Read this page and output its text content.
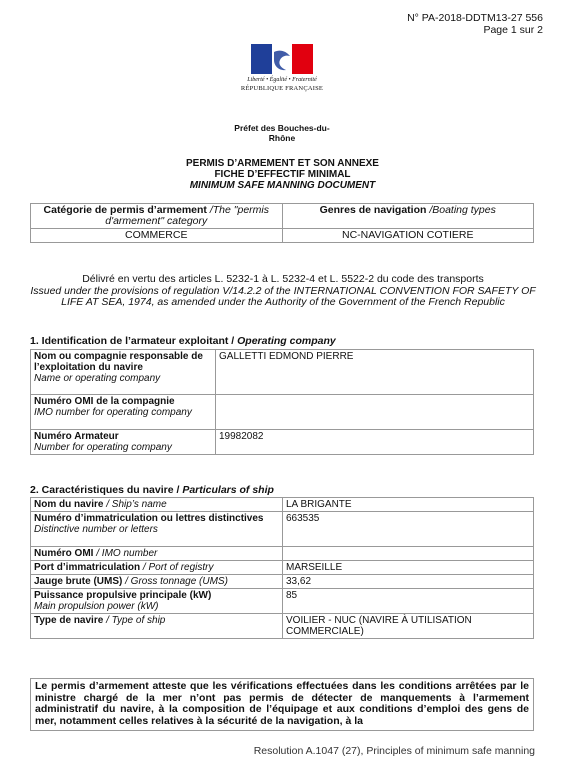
N° PA-2018-DDTM13-27 556
Page 1 sur 2
Liberté • Égalité • Fraternité
RÉPUBLIQUE FRANÇAISE
Préfet des Bouches-du-
Rhône
PERMIS D’ARMEMENT ET SON ANNEXE
FICHE D’EFFECTIF MINIMAL
MINIMUM SAFE MANNING DOCUMENT
Catégorie de permis d’armement /The "permis d'armement" category	Genres de navigation /Boating types
COMMERCE	NC-NAVIGATION COTIERE
Délivré en vertu des articles L. 5232-1 à L. 5232-4 et L. 5522-2 du code des transports
Issued under the provisions of regulation V/14.2.2 of the INTERNATIONAL CONVENTION FOR SAFETY OF LIFE AT SEA, 1974, as amended under the Authority of the Government of the French Republic
1. Identification de l’armateur exploitant / Operating company
Nom ou compagnie responsable de l’exploitation du navire
Name or operating company	GALLETTI EDMOND PIERRE

Numéro OMI de la compagnie
IMO number for operating company	

Numéro Armateur
Number for operating company	19982082
2. Caractéristiques du navire / Particulars of ship
Nom du navire / Ship’s name	LA BRIGANTE

Numéro d’immatriculation ou lettres distinctives
Distinctive number or letters	663535
Numéro OMI / IMO number	
Port d’immatriculation / Port of registry	MARSEILLE
Jauge brute (UMS) / Gross tonnage (UMS)	33,62

Puissance propulsive principale (kW)
Main propulsion power (kW)	85
Type de navire / Type of ship	VOILIER - NUC (NAVIRE À UTILISATION COMMERCIALE)
Le permis d’armement atteste que les vérifications effectuées dans les conditions arrêtées par le ministre chargé de la mer n’ont pas permis de détecter de manquements à l’armement administratif du navire, à la composition de l’équipage et aux conditions d’emploi des gens de mer, notamment celles relatives à la sécurité de la navigation, à la
Resolution A.1047 (27), Principles of minimum safe manning
